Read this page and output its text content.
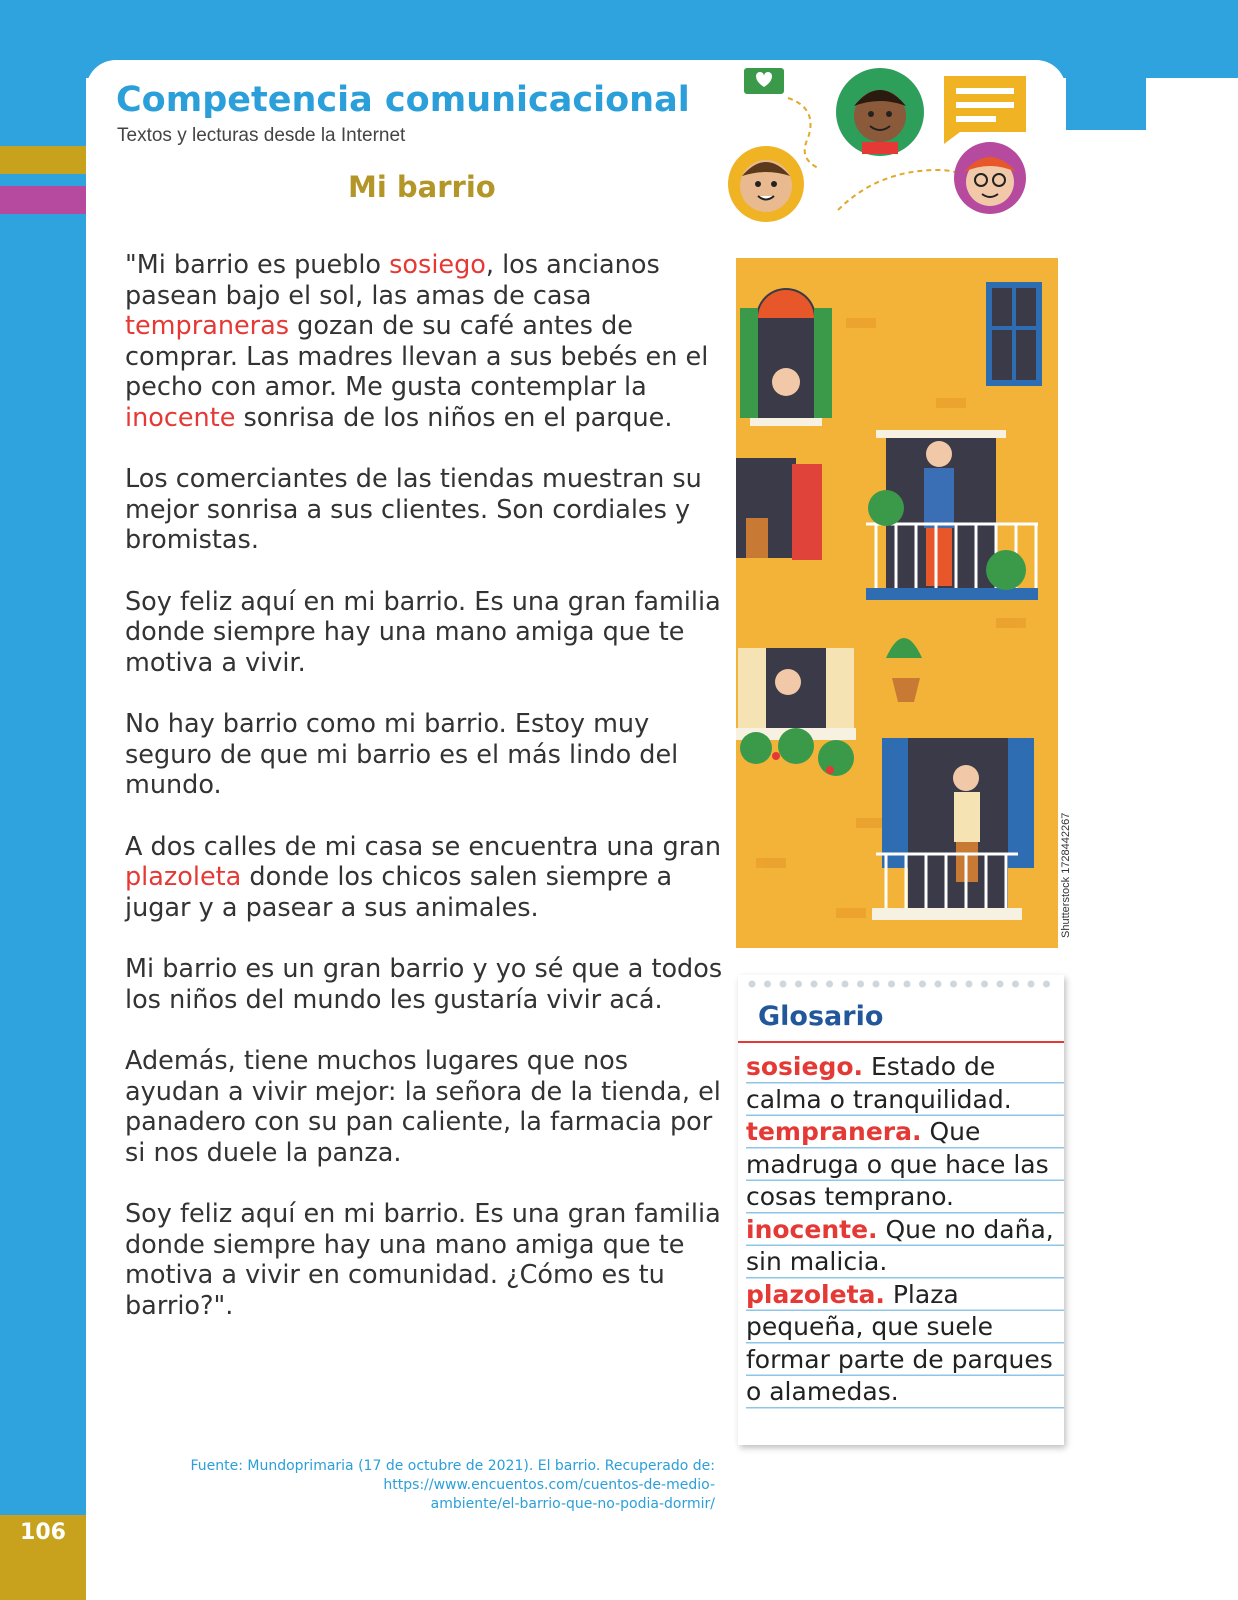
106
Competencia comunicacional
Textos y lecturas desde la Internet
Mi barrio

"Mi barrio es pueblo sosiego, los ancianos pasean bajo el sol, las amas de casa tempraneras gozan de su café antes de comprar. Las madres llevan a sus bebés en el pecho con amor. Me gusta contemplar la inocente sonrisa de los niños en el parque.

Los comerciantes de las tiendas muestran su mejor sonrisa a sus clientes. Son cordiales y bromistas.

Soy feliz aquí en mi barrio. Es una gran familia donde siempre hay una mano amiga que te motiva a vivir.

No hay barrio como mi barrio. Estoy muy seguro de que mi barrio es el más lindo del mundo.

A dos calles de mi casa se encuentra una gran plazoleta donde los chicos salen siempre a jugar y a pasear a sus animales.

Mi barrio es un gran barrio y yo sé que a todos los niños del mundo les gustaría vivir acá.

Además, tiene muchos lugares que nos ayudan a vivir mejor: la señora de la tienda, el panadero con su pan caliente, la farmacia por si nos duele la panza.

Soy feliz aquí en mi barrio. Es una gran familia donde siempre hay una mano amiga que te motiva a vivir en comunidad. ¿Cómo es tu barrio?".

Fuente: Mundoprimaria (17 de octubre de 2021). El barrio. Recuperado de:
https://www.encuentos.com/cuentos-de-medio-
ambiente/el-barrio-que-no-podia-dormir/
Shutterstock 1728442267
Glosario

sosiego. Estado de calma o tranquilidad.

tempranera. Que madruga o que hace las cosas temprano.

inocente. Que no daña, sin malicia.

plazoleta. Plaza pequeña, que suele formar parte de parques o alamedas.
